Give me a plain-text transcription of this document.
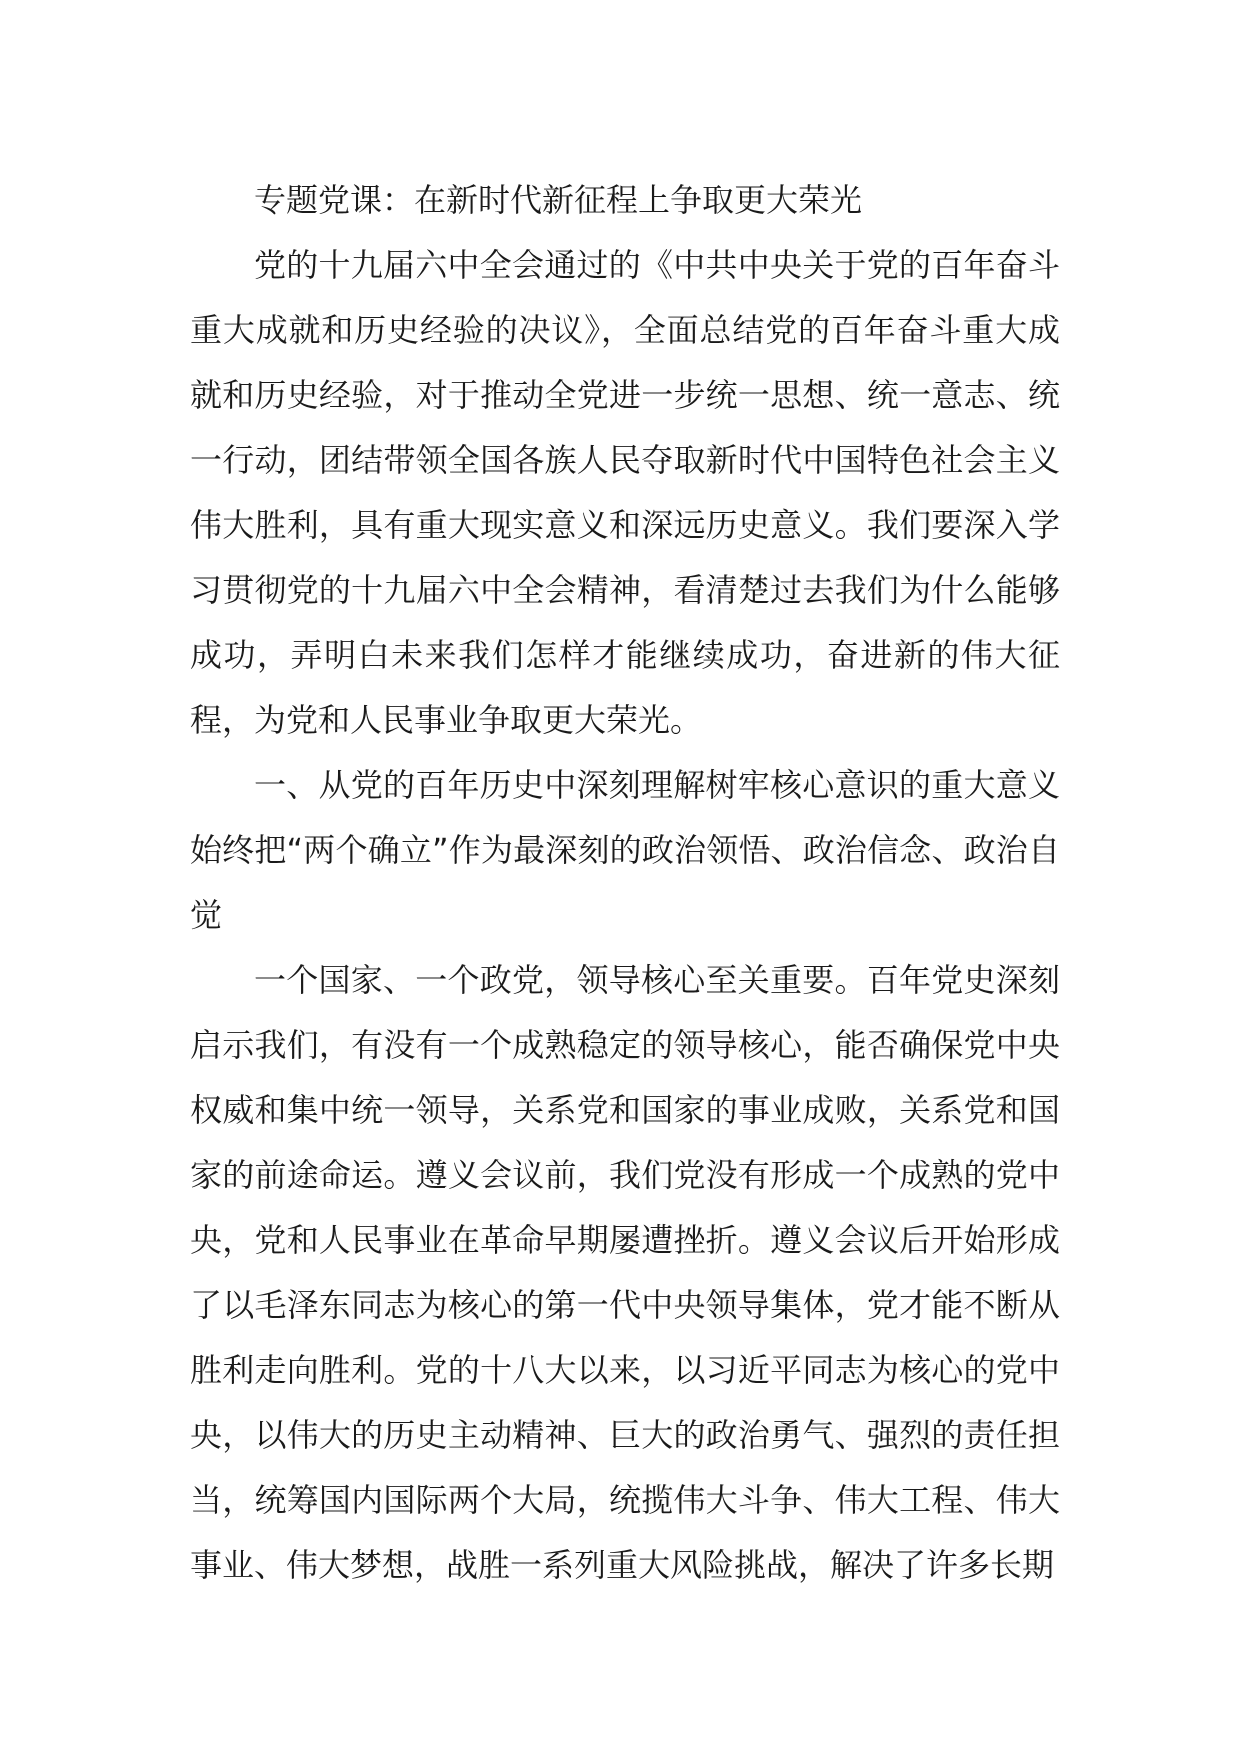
专题党课：在新时代新征程上争取更大荣光

党的十九届六中全会通过的《中共中央关于党的百年奋斗重大成就和历史经验的决议》，全面总结党的百年奋斗重大成就和历史经验，对于推动全党进一步统一思想、统一意志、统一行动，团结带领全国各族人民夺取新时代中国特色社会主义伟大胜利，具有重大现实意义和深远历史意义。我们要深入学习贯彻党的十九届六中全会精神，看清楚过去我们为什么能够成功，弄明白未来我们怎样才能继续成功，奋进新的伟大征程，为党和人民事业争取更大荣光。

一、从党的百年历史中深刻理解树牢核心意识的重大意义始终把“两个确立”作为最深刻的政治领悟、政治信念、政治自觉

一个国家、一个政党，领导核心至关重要。百年党史深刻启示我们，有没有一个成熟稳定的领导核心，能否确保党中央权威和集中统一领导，关系党和国家的事业成败，关系党和国家的前途命运。遵义会议前，我们党没有形成一个成熟的党中央，党和人民事业在革命早期屡遭挫折。遵义会议后开始形成了以毛泽东同志为核心的第一代中央领导集体，党才能不断从胜利走向胜利。党的十八大以来，以习近平同志为核心的党中央，以伟大的历史主动精神、巨大的政治勇气、强烈的责任担当，统筹国内国际两个大局，统揽伟大斗争、伟大工程、伟大事业、伟大梦想，战胜一系列重大风险挑战，解决了许多长期
